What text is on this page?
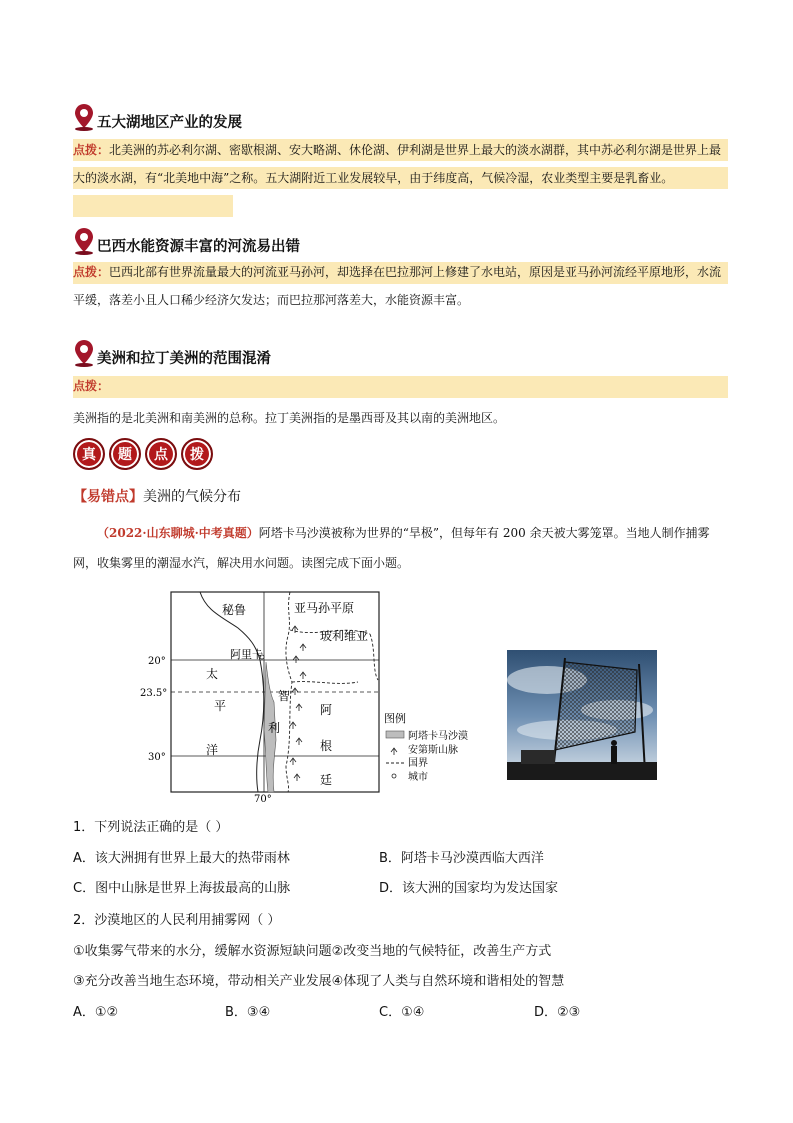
五大湖地区产业的发展
点拨：北美洲的苏必利尔湖、密歇根湖、安大略湖、休伦湖、伊利湖是世界上最大的淡水湖群，其中苏必利尔湖是世界上最大的淡水湖，有“北美地中海”之称。五大湖附近工业发展较早，由于纬度高，气候冷湿，农业类型主要是乳畜业。
巴西水能资源丰富的河流易出错
点拨：巴西北部有世界流量最大的河流亚马孙河，却选择在巴拉那河上修建了水电站，原因是亚马孙河流经平原地形，水流平缓，落差小且人口稀少经济欠发达；而巴拉那河落差大，水能资源丰富。
美洲和拉丁美洲的范围混淆
点拨：
美洲指的是北美洲和南美洲的总称。拉丁美洲指的是墨西哥及其以南的美洲地区。
真	题	点	拨
【易错点】美洲的气候分布
（2022·山东聊城·中考真题）阿塔卡马沙漠被称为世界的“旱极”，但每年有 200 余天被大雾笼罩。当地人制作捕雾网，收集雾里的潮湿水汽，解决用水问题。读图完成下面小题。
秘鲁	亚马孙平原
玻利维亚
阿里卡
太
平
洋
智
利
阿
根
廷
20°
23.5°
30°
70°
图例
阿塔卡马沙漠
安第斯山脉
国界
城市
1．下列说法正确的是（ ）
A．该大洲拥有世界上最大的热带雨林	B．阿塔卡马沙漠西临大西洋
C．图中山脉是世界上海拔最高的山脉	D．该大洲的国家均为发达国家
2．沙漠地区的人民利用捕雾网（ ）
①收集雾气带来的水分，缓解水资源短缺问题②改变当地的气候特征，改善生产方式
③充分改善当地生态环境，带动相关产业发展④体现了人类与自然环境和谐相处的智慧
A．①②	B．③④	C．①④	D．②③
